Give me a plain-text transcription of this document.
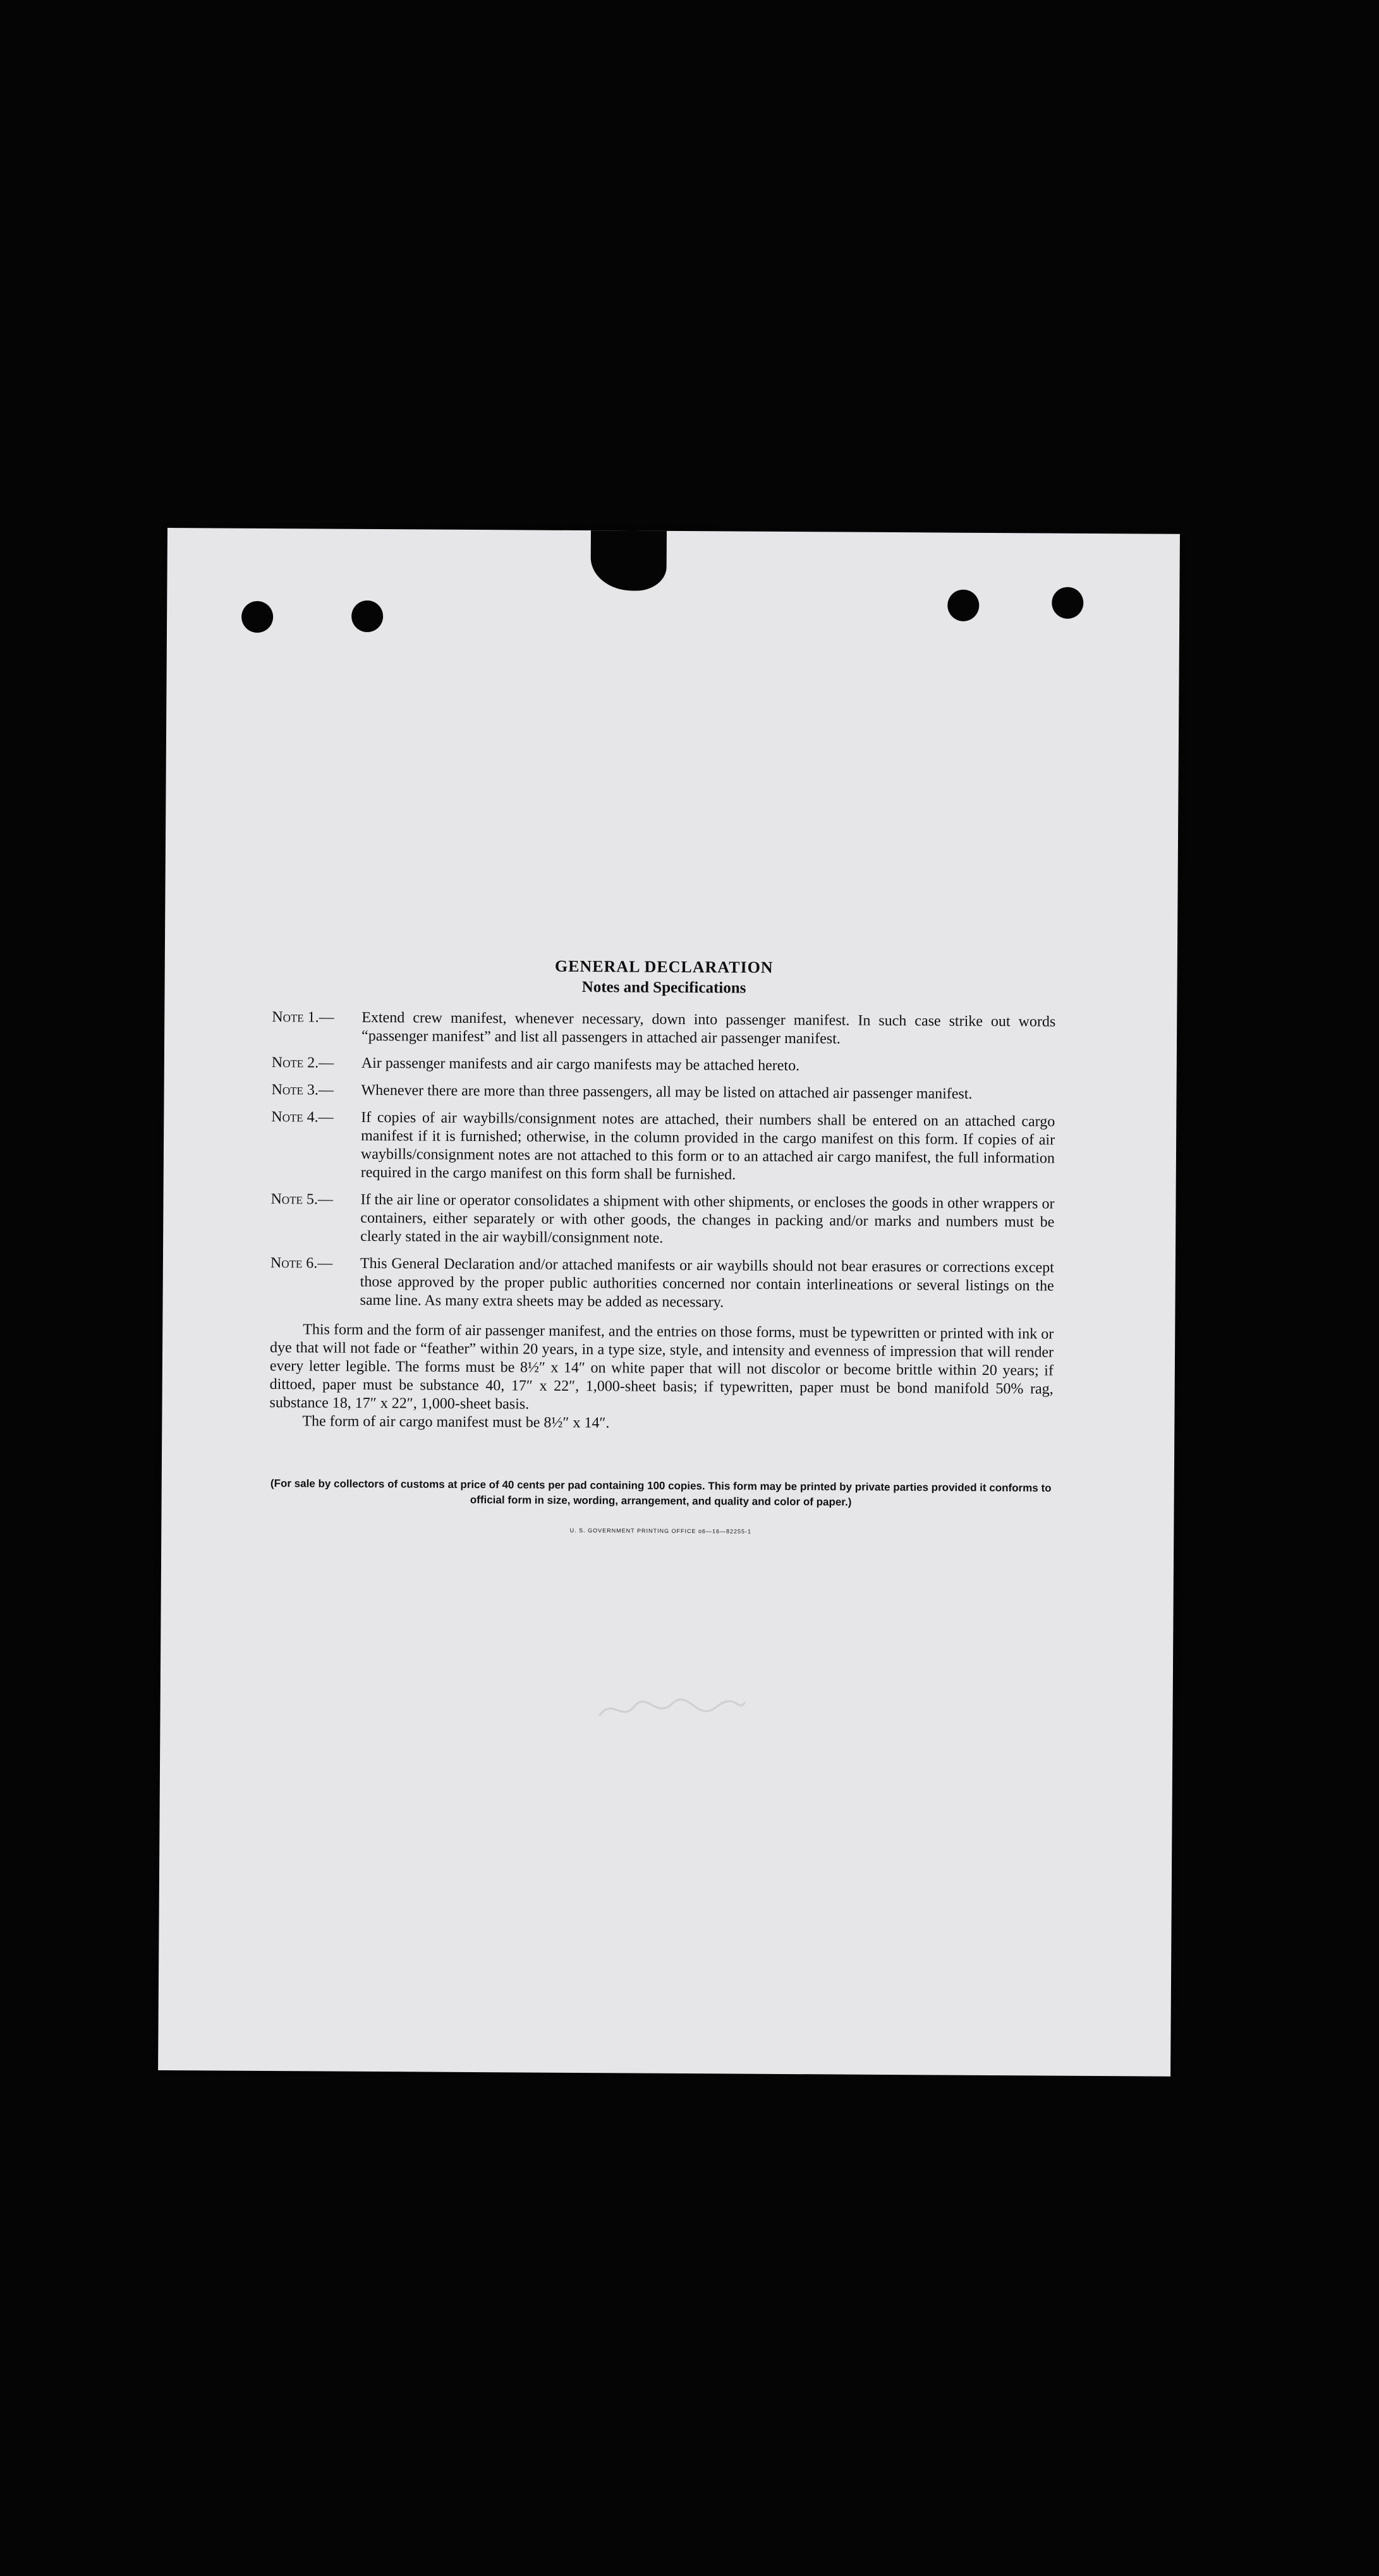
GENERAL DECLARATION

Notes and Specifications

Note 1.—	Extend crew manifest, whenever necessary, down into passenger manifest. In such case strike out words “passenger manifest” and list all passengers in attached air passenger manifest.
Note 2.—	Air passenger manifests and air cargo manifests may be attached hereto.
Note 3.—	Whenever there are more than three passengers, all may be listed on attached air passenger manifest.
Note 4.—	If copies of air waybills/consignment notes are attached, their numbers shall be entered on an attached cargo manifest if it is furnished; otherwise, in the column provided in the cargo manifest on this form. If copies of air waybills/consignment notes are not attached to this form or to an attached air cargo manifest, the full information required in the cargo manifest on this form shall be furnished.
Note 5.—	If the air line or operator consolidates a shipment with other shipments, or encloses the goods in other wrappers or containers, either separately or with other goods, the changes in packing and/or marks and numbers must be clearly stated in the air waybill/consignment note.
Note 6.—	This General Declaration and/or attached manifests or air waybills should not bear erasures or corrections except those approved by the proper public authorities concerned nor contain interlineations or several listings on the same line. As many extra sheets may be added as necessary.

This form and the form of air passenger manifest, and the entries on those forms, must be typewritten or printed with ink or dye that will not fade or “feather” within 20 years, in a type size, style, and intensity and evenness of impression that will render every letter legible. The forms must be 8½″ x 14″ on white paper that will not discolor or become brittle within 20 years; if dittoed, paper must be substance 40, 17″ x 22″, 1,000-sheet basis; if typewritten, paper must be bond manifold 50% rag, substance 18, 17″ x 22″, 1,000-sheet basis.

The form of air cargo manifest must be 8½″ x 14″.

(For sale by collectors of customs at price of 40 cents per pad containing 100 copies. This form may be printed by private parties provided it conforms to official form in size, wording, arrangement, and quality and color of paper.)

U. S. GOVERNMENT PRINTING OFFICE o6—16—82255-1
